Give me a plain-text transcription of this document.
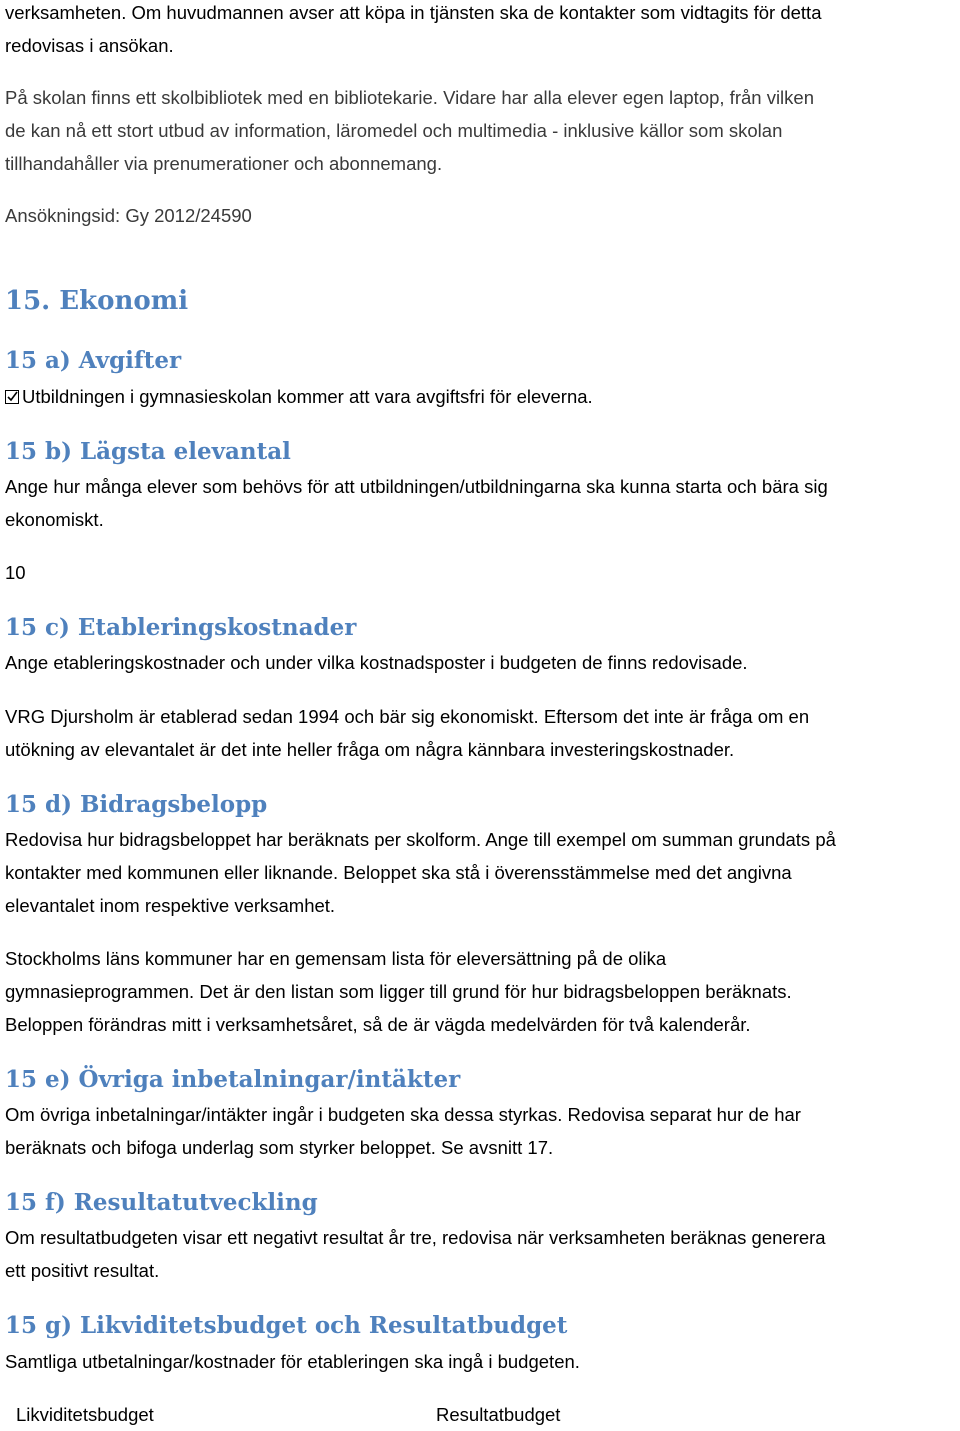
verksamheten. Om huvudmannen avser att köpa in tjänsten ska de kontakter som vidtagits för detta

redovisas i ansökan.

På skolan finns ett skolbibliotek med en bibliotekarie. Vidare har alla elever egen laptop, från vilken

de kan nå ett stort utbud av information, läromedel och multimedia - inklusive källor som skolan

tillhandahåller via prenumerationer och abonnemang.

Ansökningsid: Gy 2012/24590

15. Ekonomi
15 a) Avgifter

Utbildningen i gymnasieskolan kommer att vara avgiftsfri för eleverna.

15 b) Lägsta elevantal

Ange hur många elever som behövs för att utbildningen/utbildningarna ska kunna starta och bära sig

ekonomiskt.

10

15 c) Etableringskostnader

Ange etableringskostnader och under vilka kostnadsposter i budgeten de finns redovisade.

VRG Djursholm är etablerad sedan 1994 och bär sig ekonomiskt. Eftersom det inte är fråga om en

utökning av elevantalet är det inte heller fråga om några kännbara investeringskostnader.

15 d) Bidragsbelopp

Redovisa hur bidragsbeloppet har beräknats per skolform. Ange till exempel om summan grundats på

kontakter med kommunen eller liknande. Beloppet ska stå i överensstämmelse med det angivna

elevantalet inom respektive verksamhet.

Stockholms läns kommuner har en gemensam lista för eleversättning på de olika

gymnasieprogrammen. Det är den listan som ligger till grund för hur bidragsbeloppen beräknats.

Beloppen förändras mitt i verksamhetsåret, så de är vägda medelvärden för två kalenderår.

15 e) Övriga inbetalningar/intäkter

Om övriga inbetalningar/intäkter ingår i budgeten ska dessa styrkas. Redovisa separat hur de har

beräknats och bifoga underlag som styrker beloppet. Se avsnitt 17.

15 f) Resultatutveckling

Om resultatbudgeten visar ett negativt resultat år tre, redovisa när verksamheten beräknas generera

ett positivt resultat.

15 g) Likviditetsbudget och Resultatbudget

Samtliga utbetalningar/kostnader för etableringen ska ingå i budgeten.

Likviditetsbudget	Resultatbudget
